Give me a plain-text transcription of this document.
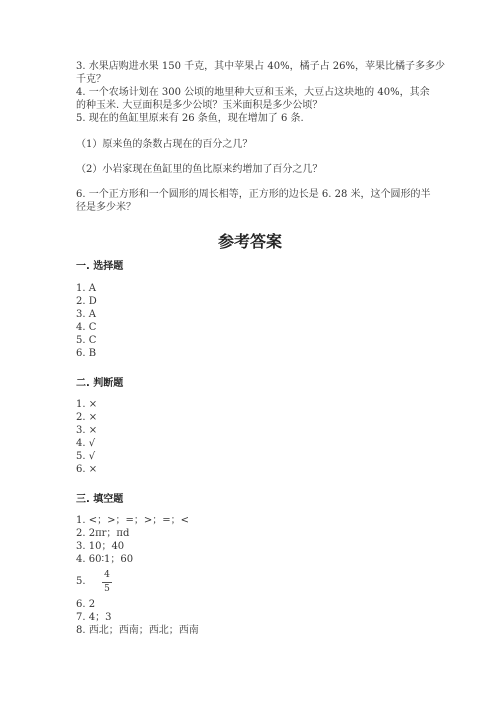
3. 水果店购进水果 150 千克，其中苹果占 40%，橘子占 26%，苹果比橘子多多少
千克？
4. 一个农场计划在 300 公顷的地里种大豆和玉米，大豆占这块地的 40%，其余
的种玉米. 大豆面积是多少公顷？玉米面积是多少公顷？
5. 现在的鱼缸里原来有 26 条鱼，现在增加了 6 条.
（1）原来鱼的条数占现在的百分之几？
（2）小岩家现在鱼缸里的鱼比原来约增加了百分之几？
6. 一个正方形和一个圆形的周长相等，正方形的边长是 6. 28 米，这个圆形的半
径是多少米？
参考答案
一. 选择题
1. A
2. D
3. A
4. C
5. C
6. B
二. 判断题
1. ×
2. ×
3. ×
4. √
5. √
6. ×
三. 填空题
1. <；>；=；>；=；<
2. 2πr；πd
3. 10；40
4. 60∶1；60
5.
4
5
6. 2
7. 4；3
8. 西北；西南；西北；西南
